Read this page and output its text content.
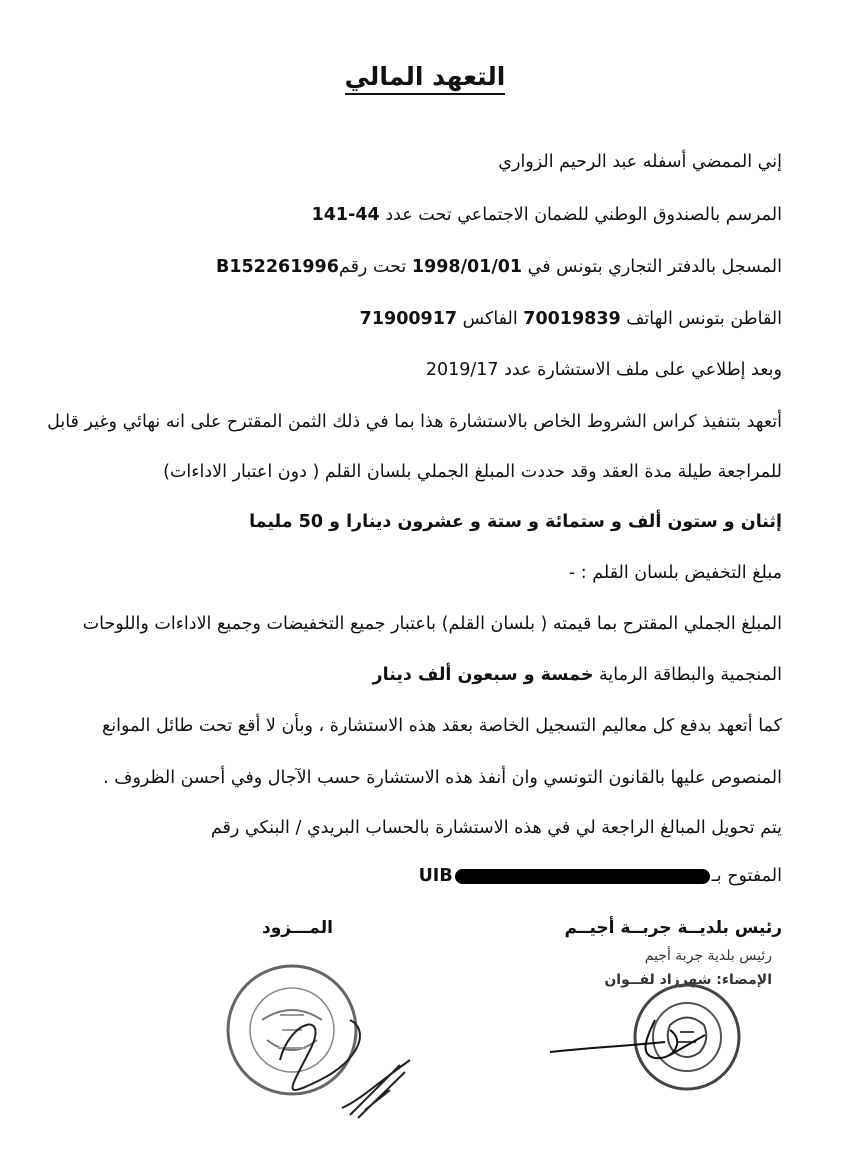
التعهد المالي
إني الممضي أسفله عبد الرحيم الزواري
المرسم بالصندوق الوطني للضمان الاجتماعي تحت عدد 141-44
المسجل بالدفتر التجاري بتونس في 1998/01/01 تحت رقمB152261996
القاطن بتونس الهاتف 70019839 الفاكس 71900917
وبعد إطلاعي على ملف الاستشارة عدد 2019/17
أتعهد بتنفيذ كراس الشروط الخاص بالاستشارة هذا بما في ذلك الثمن المقترح على انه نهائي وغير قابل
للمراجعة طيلة مدة العقد وقد حددت المبلغ الجملي بلسان القلم ( دون اعتبار الاداءات)
إثنان و ستون ألف و ستمائة و ستة و عشرون دينارا و 50 مليما
مبلغ التخفيض بلسان القلم : -
المبلغ الجملي المقترح بما قيمته ( بلسان القلم) باعتبار جميع التخفيضات وجميع الاداءات واللوحات
المنجمية والبطاقة الرماية خمسة و سبعون ألف دينار
كما أتعهد بدفع كل معاليم التسجيل الخاصة بعقد هذه الاستشارة ، وبأن لا أقع تحت طائل الموانع
المنصوص عليها بالقانون التونسي وان أنفذ هذه الاستشارة حسب الآجال وفي أحسن الظروف .
يتم تحويل المبالغ الراجعة لي في هذه الاستشارة بالحساب البريدي / البنكي رقم
المفتوح بـUIB
المـــزود	رئيس بلديــة جربــة أجيــم
رئيس بلدية جربة أجيم
الإمضاء: شهرزاد لفــوان
